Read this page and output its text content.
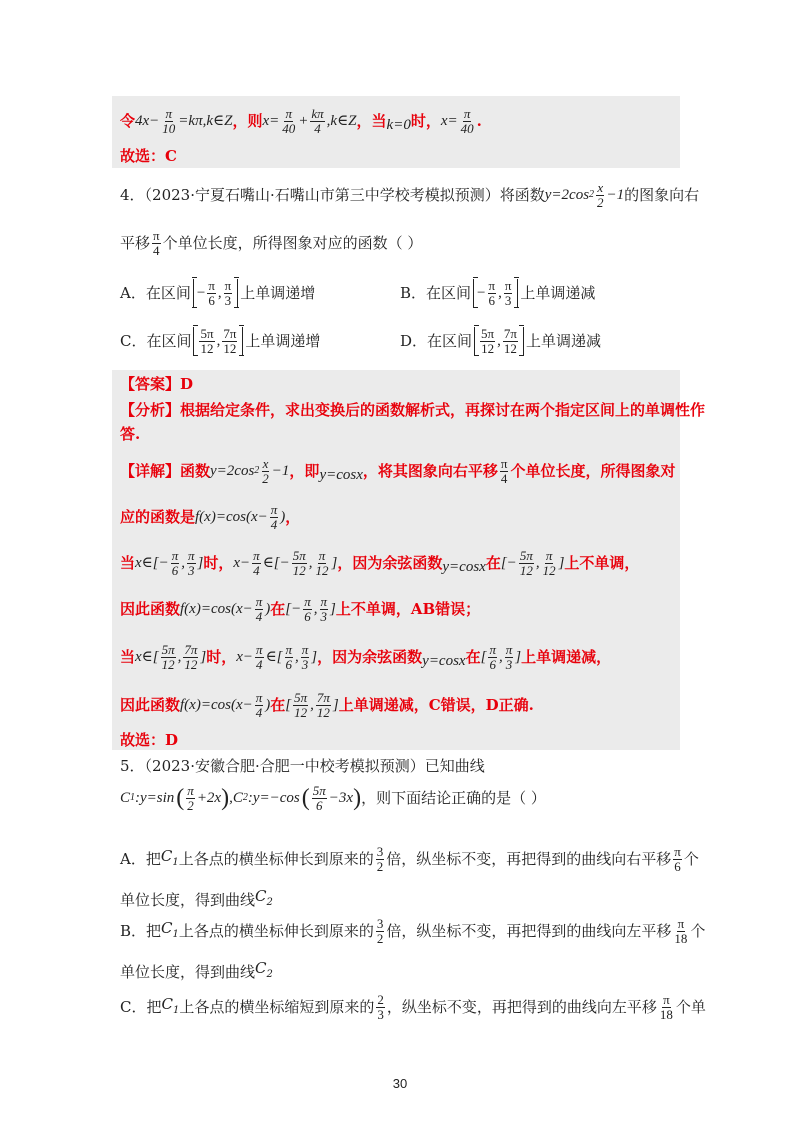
令 $4x- \frac{\pi}{10}$ =kπ,k∈Z ，则 $x= \frac{\pi}{40} + \frac{k\pi}{4}$ ,k∈Z ，当 k=0 时， $x= \frac{\pi}{40}$ .
故选：C
4．（2023·宁夏石嘴山·石嘴山市第三中学校考模拟预测）将函数 y=2cos $2 \frac{x}{2} -1$ 的图象向右
平移 $\frac{\pi}{4}$ 个单位长度，所得图象对应的函数（ ）
A．在区间 − $\frac{\pi}{6}$ , $\frac{\pi}{3}$ 上单调递增	B．在区间 − $\frac{\pi}{6}$ , $\frac{\pi}{3}$ 上单调递减
C．在区间 $\frac{5\pi}{12}$ , $\frac{7\pi}{12}$ 上单调递增	D．在区间 $\frac{5\pi}{12}$ , $\frac{7\pi}{12}$ 上单调递减
【答案】D
【分析】根据给定条件，求出变换后的函数解析式，再探讨在两个指定区间上的单调性作
答.
【详解】函数 y=2cos $2 \frac{x}{2} -1$ ，即 y=cosx ，将其图象向右平移 $\frac{\pi}{4}$ 个单位长度，所得图象对
应的函数是 $f(x)=\cos(x- \frac{\pi}{4}$ ) ，
当 x∈[− $\frac{\pi}{6}$ , $\frac{\pi}{3}$ ] 时， $x- \frac{\pi}{4}$ ∈[− $\frac{5\pi}{12}$ , $\frac{\pi}{12}$ ] ，因为余弦函数 y=cosx 在 [− $\frac{5\pi}{12}$ , $\frac{\pi}{12}$ ] 上不单调，
因此函数 $f(x)=\cos(x- \frac{\pi}{4}$ ) 在 [− $\frac{\pi}{6}$ , $\frac{\pi}{3}$ ] 上不单调，AB错误；
当 x∈[ $\frac{5\pi}{12}$ , $\frac{7\pi}{12}$ ] 时， $x- \frac{\pi}{4}$ ∈[ $\frac{\pi}{6}$ , $\frac{\pi}{3}$ ] ，因为余弦函数 y=cosx 在 [ $\frac{\pi}{6}$ , $\frac{\pi}{3}$ ] 上单调递减，
因此函数 $f(x)=\cos(x- \frac{\pi}{4}$ ) 在 [ $\frac{5\pi}{12}$ , $\frac{7\pi}{12}$ ] 上单调递减，C错误，D正确.
故选：D
5．（2023·安徽合肥·合肥一中校考模拟预测）已知曲线
C 1 :y=sin ( $\frac{\pi}{2} +2x$ ) , C 2 :y=−cos ( $\frac{5\pi}{6} -3x$ ) ，则下面结论正确的是（ ）
A．把 $C_1$ 上各点的横坐标伸长到原来的 $\frac{3}{2}$ 倍，纵坐标不变，再把得到的曲线向右平移 $\frac{\pi}{6}$ 个
单位长度，得到曲线 $C_2$
B．把 $C_1$ 上各点的横坐标伸长到原来的 $\frac{3}{2}$ 倍，纵坐标不变，再把得到的曲线向左平移 $\frac{\pi}{18}$ 个
单位长度，得到曲线 $C_2$
C．把 $C_1$ 上各点的横坐标缩短到原来的 $\frac{2}{3}$ ，纵坐标不变，再把得到的曲线向左平移 $\frac{\pi}{18}$ 个单
30
